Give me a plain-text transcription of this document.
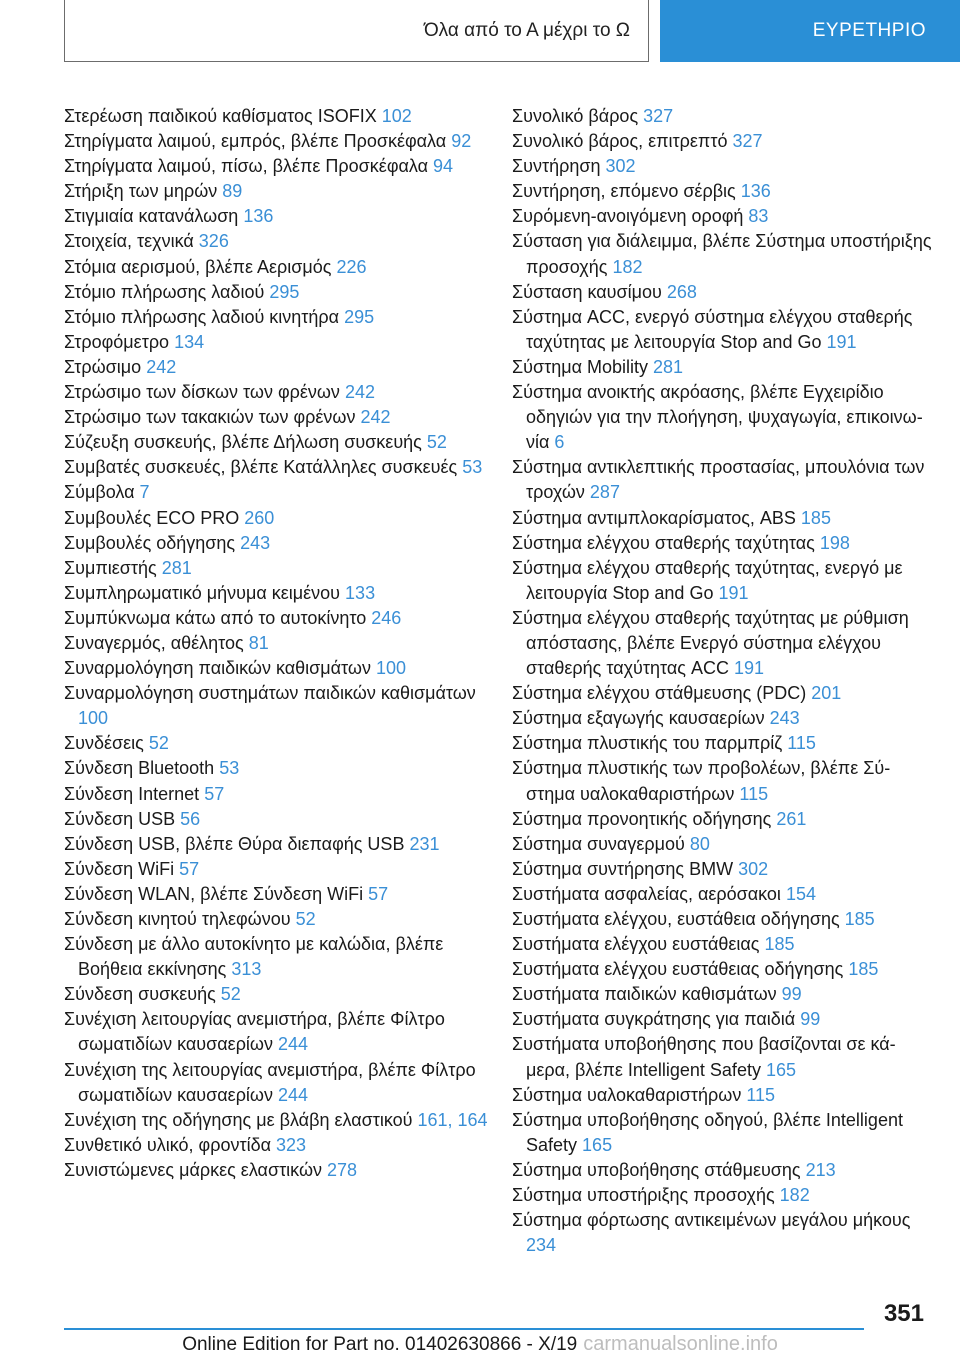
Όλα από το Α μέχρι το Ω	ΕΥΡΕΤΗΡΙΟ
Στερέωση παιδικού καθίσματος ISOFIX 102
Στηρίγματα λαιμού, εμπρός, βλέπε Προσκέφαλα 92
Στηρίγματα λαιμού, πίσω, βλέπε Προσκέφαλα 94
Στήριξη των μηρών 89
Στιγμιαία κατανάλωση 136
Στοιχεία, τεχνικά 326
Στόμια αερισμού, βλέπε Αερισμός 226
Στόμιο πλήρωσης λαδιού 295
Στόμιο πλήρωσης λαδιού κινητήρα 295
Στροφόμετρο 134
Στρώσιμο 242
Στρώσιμο των δίσκων των φρένων 242
Στρώσιμο των τακακιών των φρένων 242
Σύζευξη συσκευής, βλέπε Δήλωση συσκευής 52
Συμβατές συσκευές, βλέπε Κατάλληλες συσκευές 53
Σύμβολα 7
Συμβουλές ECO PRO 260
Συμβουλές οδήγησης 243
Συμπιεστής 281
Συμπληρωματικό μήνυμα κειμένου 133
Συμπύκνωμα κάτω από το αυτοκίνητο 246
Συναγερμός, αθέλητος 81
Συναρμολόγηση παιδικών καθισμάτων 100
Συναρμολόγηση συστημάτων παιδικών καθισμάτων 100
Συνδέσεις 52
Σύνδεση Bluetooth 53
Σύνδεση Internet 57
Σύνδεση USB 56
Σύνδεση USB, βλέπε Θύρα διεπαφής USB 231
Σύνδεση WiFi 57
Σύνδεση WLAN, βλέπε Σύνδεση WiFi 57
Σύνδεση κινητού τηλεφώνου 52
Σύνδεση με άλλο αυτοκίνητο με καλώδια, βλέπε Βοήθεια εκκίνησης 313
Σύνδεση συσκευής 52
Συνέχιση λειτουργίας ανεμιστήρα, βλέπε Φίλτρο σωματιδίων καυσαερίων 244
Συνέχιση της λειτουργίας ανεμιστήρα, βλέπε Φίλτρο σωματιδίων καυσαερίων 244
Συνέχιση της οδήγησης με βλάβη ελαστικού 161, 164
Συνθετικό υλικό, φροντίδα 323
Συνιστώμενες μάρκες ελαστικών 278
Συνολικό βάρος 327
Συνολικό βάρος, επιτρεπτό 327
Συντήρηση 302
Συντήρηση, επόμενο σέρβις 136
Συρόμενη-ανοιγόμενη οροφή 83
Σύσταση για διάλειμμα, βλέπε Σύστημα υποστήριξης προσοχής 182
Σύσταση καυσίμου 268
Σύστημα ACC, ενεργό σύστημα ελέγχου σταθερής ταχύτητας με λειτουργία Stop and Go 191
Σύστημα Mobility 281
Σύστημα ανοικτής ακρόασης, βλέπε Εγχειρίδιο οδηγιών για την πλοήγηση, ψυχαγωγία, επικοινωνία 6
Σύστημα αντικλεπτικής προστασίας, μπουλόνια των τροχών 287
Σύστημα αντιμπλοκαρίσματος, ABS 185
Σύστημα ελέγχου σταθερής ταχύτητας 198
Σύστημα ελέγχου σταθερής ταχύτητας, ενεργό με λειτουργία Stop and Go 191
Σύστημα ελέγχου σταθερής ταχύτητας με ρύθμιση απόστασης, βλέπε Ενεργό σύστημα ελέγχου σταθερής ταχύτητας ACC 191
Σύστημα ελέγχου στάθμευσης (PDC) 201
Σύστημα εξαγωγής καυσαερίων 243
Σύστημα πλυστικής του παρμπρίζ 115
Σύστημα πλυστικής των προβολέων, βλέπε Σύστημα υαλοκαθαριστήρων 115
Σύστημα προνοητικής οδήγησης 261
Σύστημα συναγερμού 80
Σύστημα συντήρησης BMW 302
Συστήματα ασφαλείας, αερόσακοι 154
Συστήματα ελέγχου, ευστάθεια οδήγησης 185
Συστήματα ελέγχου ευστάθειας 185
Συστήματα ελέγχου ευστάθειας οδήγησης 185
Συστήματα παιδικών καθισμάτων 99
Συστήματα συγκράτησης για παιδιά 99
Συστήματα υποβοήθησης που βασίζονται σε κάμερα, βλέπε Intelligent Safety 165
Σύστημα υαλοκαθαριστήρων 115
Σύστημα υποβοήθησης οδηγού, βλέπε Intelligent Safety 165
Σύστημα υποβοήθησης στάθμευσης 213
Σύστημα υποστήριξης προσοχής 182
Σύστημα φόρτωσης αντικειμένων μεγάλου μήκους 234
351
Online Edition for Part no. 01402630866 - X/19 carmanualsonline.info
